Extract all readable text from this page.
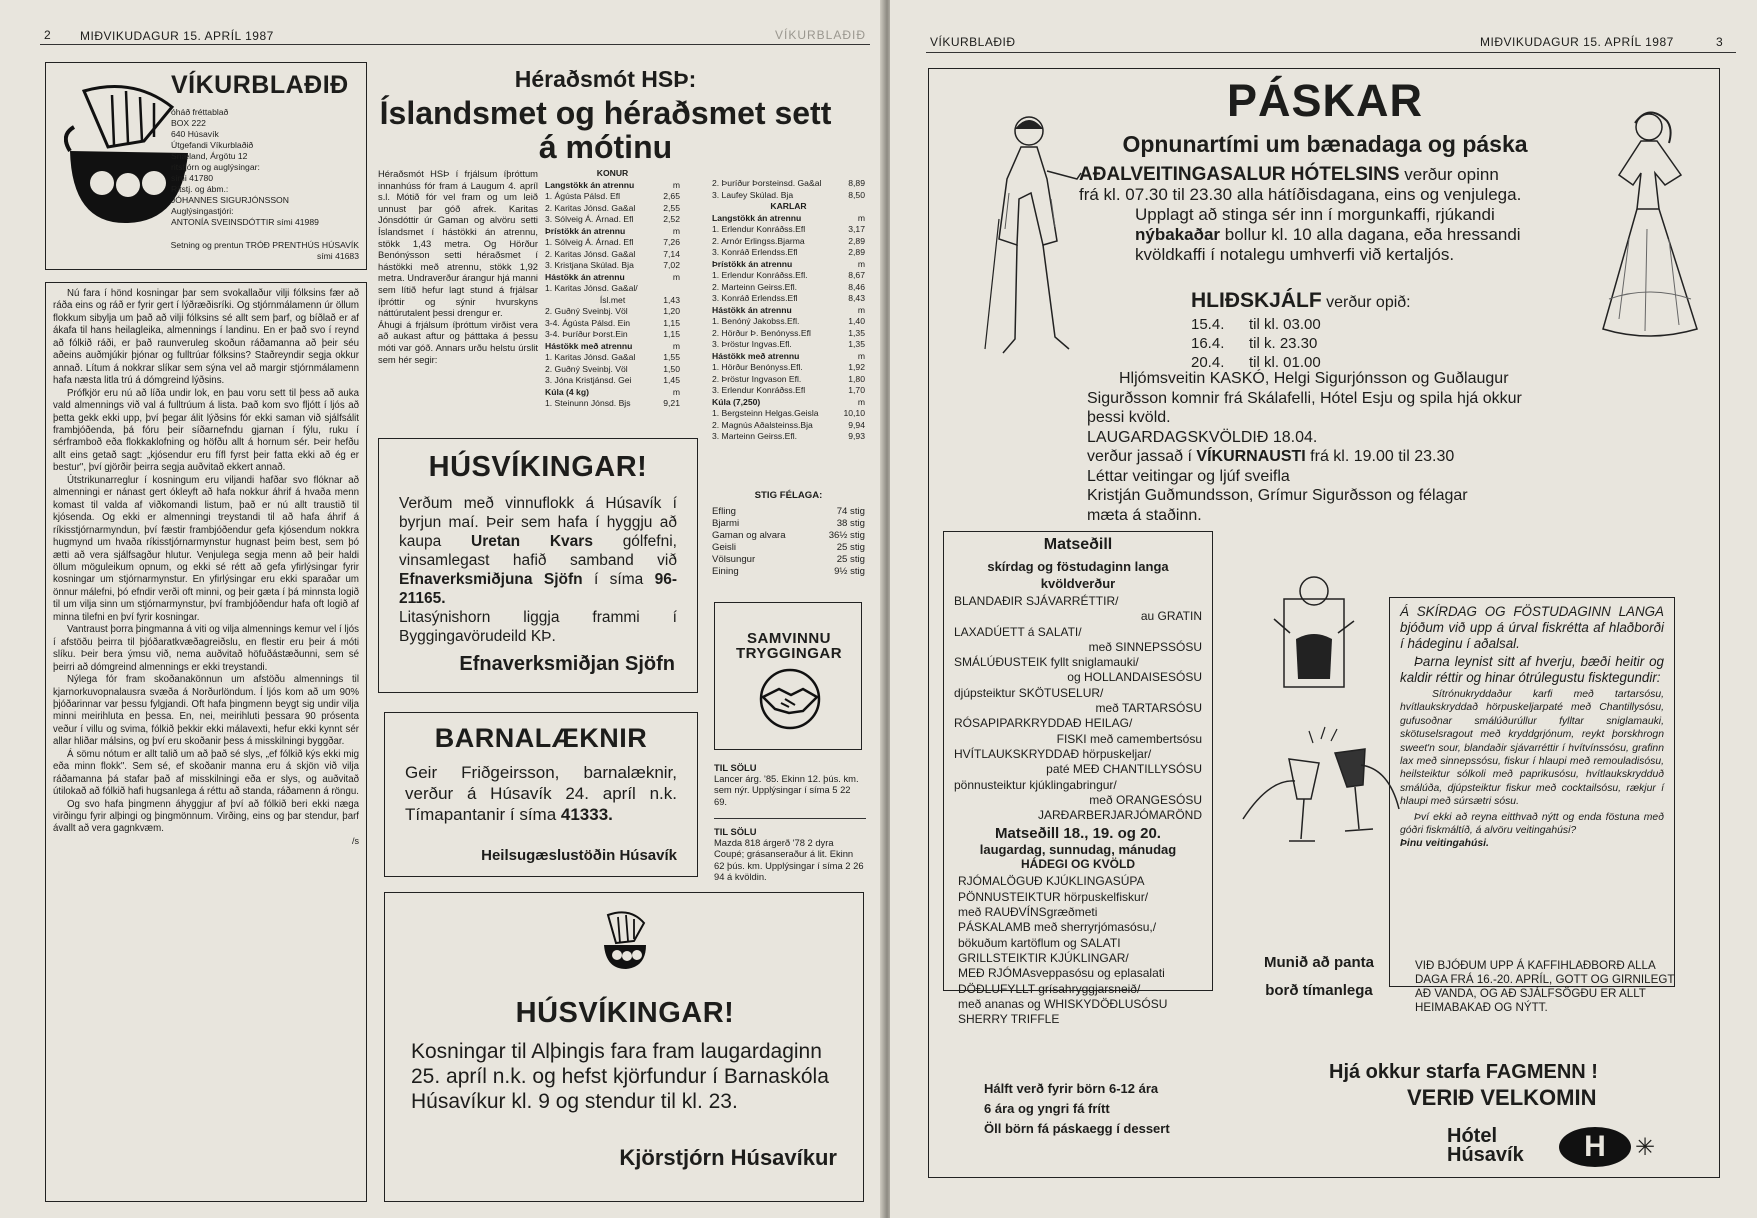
2 MIÐVIKUDAGUR 15. APRÍL 1987	VÍKURBLAÐIÐ
VÍKURBLAÐIÐ
óháð fréttablað
BOX 222
640 Húsavík
Útgefandi Víkurblaðið
Snæland, Árgötu 12
ritstjórn og auglýsingar:
sími 41780
Ritstj. og ábm.:
JÓHANNES SIGURJÓNSSON
Auglýsingastjóri:
ANTONÍA SVEINSDÓTTIR sími 41989
Setning og prentun TRÓÐ PRENTHÚS HÚSAVÍK
sími 41683
Nú fara í hönd kosningar þar sem svokallaður vilji fólksins fær að ráða eins og ráð er fyrir gert í lýðræðisríki. Og stjórnmálamenn úr öllum flokkum sibylja um það að vilji fólksins sé allt sem þarf, og bíðlað er af ákafa til hans heilagleika, almennings í landinu. En er það svo í reynd að fólkið ráði, er það raunveruleg skoðun ráðamanna að þeir séu aðeins auðmjúkir þjónar og fulltrúar fólksins? Staðreyndir segja okkur annað. Lítum á nokkrar slíkar sem sýna vel að margir stjórnmálamenn hafa næsta litla trú á dómgreind lýðsins.
Prófkjör eru nú að líða undir lok, en þau voru sett til þess að auka vald almennings við val á fulltrúum á lista. Það kom svo fljótt í ljós að þetta gekk ekki upp, því þegar álit lýðsins fór ekki saman við sjálfsálit frambjóðenda, þá fóru þeir síðarnefndu gjarnan í fýlu, ruku í sérframboð eða flokkaklofning og höfðu allt á hornum sér. Þeir hefðu allt eins getað sagt: „kjósendur eru fífl fyrst þeir fatta ekki að ég er bestur", því gjörðir þeirra segja auðvitað ekkert annað.
Útstrikunarreglur í kosningum eru viljandi hafðar svo flóknar að almenningi er nánast gert ókleyft að hafa nokkur áhrif á hvaða menn komast til valda af viðkomandi listum, það er nú allt traustið til kjósenda. Og ekki er almenningi treystandi til að hafa áhrif á ríkisstjórnarmyndun, því fæstir frambjóðendur gefa kjósendum nokkra hugmynd um hvaða ríkisstjórnarmynstur hugnast þeim best, sem þó ætti að vera sjálfsagður hlutur. Venjulega segja menn að þeir haldi öllum möguleikum opnum, og ekki sé rétt að gefa yfirlýsingar fyrir kosningar um stjórnarmynstur. En yfirlýsingar eru ekki sparaðar um önnur málefni, þó efndir verði oft minni, og þeir gæta í þá minnsta logið til um vilja sinn um stjórnarmynstur, því frambjóðendur hafa oft logið af minna tilefni en því fyrir kosningar.
Vantraust þorra þingmanna á viti og vilja almennings kemur vel í ljós í afstöðu þeirra til þjóðaratkvæðagreiðslu, en flestir eru þeir á móti slíku. Þeir bera ýmsu við, nema auðvitað höfuðástæðunni, sem sé þeirri að dómgreind almennings er ekki treystandi.
Nýlega fór fram skoðanakönnun um afstöðu almennings til kjarnorkuvopnalausra svæða á Norðurlöndum. Í ljós kom að um 90% þjóðarinnar var þessu fylgjandi. Oft hafa þingmenn beygt sig undir vilja minni meirihluta en þessa. En, nei, meirihluti þessara 90 prósenta veður í villu og svima, fólkið þekkir ekki málavexti, hefur ekki kynnt sér allar hliðar málsins, og því eru skoðanir þess á misskilningi byggðar.
Á sömu nótum er allt talið um að það sé slys, „ef fólkið kýs ekki mig eða minn flokk". Sem sé, ef skoðanir manna eru á skjön við vilja ráðamanna þá stafar það af misskilningi eða er slys, og auðvitað útilokað að fólkið hafi hugsanlega á réttu að standa, ráðamenn á röngu.
Og svo hafa þingmenn áhyggjur af því að fólkið beri ekki næga virðingu fyrir alþingi og þingmönnum. Virðing, eins og þar stendur, þarf ávallt að vera gagnkvæm.
/s
Héraðsmót HSÞ:
Íslandsmet og héraðsmet sett á mótinu
Héraðsmót HSÞ í frjálsum íþróttum innanhúss fór fram á Laugum 4. apríl s.l. Mótið fór vel fram og um leið unnust þar góð afrek. Karitas Jónsdóttir úr Gaman og alvöru setti Íslandsmet í hástökki án atrennu, stökk 1,43 metra. Og Hörður Benónýsson setti héraðsmet í hástökki með atrennu, stökk 1,92 metra. Undraverður árangur hjá manni sem lítið hefur lagt stund á frjálsar íþróttir og sýnir hvurskyns náttúrutalent þessi drengur er.
Áhugi á frjálsum íþróttum virðist vera að aukast aftur og þátttaka á þessu móti var góð. Annars urðu helstu úrslit sem hér segir:
KONUR
Langstökk án atrennu	m
1. Ágústa Pálsd. Efl	2,65
2. Karitas Jónsd. Ga&al	2,55
3. Sólveig Á. Árnad. Efl	2,52
Þrístökk án atrennu	m
1. Sólveig Á. Árnad. Efl	7,26
2. Karitas Jónsd. Ga&al	7,14
3. Kristjana Skúlad. Bja	7,02
Hástökk án atrennu	m
1. Karitas Jónsd. Ga&al/
Ísl.met	1,43
2. Guðný Sveinbj. Völ	1,20
3-4. Ágústa Pálsd. Ein	1,15
3-4. Þuríður Þorst.Ein	1,15
Hástökk með atrennu	m
1. Karitas Jónsd. Ga&al	1,55
2. Guðný Sveinbj. Völ	1,50
3. Jóna Kristjánsd. Gei	1,45
Kúla (4 kg)	m
1. Steinunn Jónsd. Bjs	9,21
2. Þuríður Þorsteinsd. Ga&al	8,89
3. Laufey Skúlad. Bja	8,50
KARLAR
Langstökk án atrennu	m
1. Erlendur Konráðss.Efl	3,17
2. Arnór Erlingss.Bjarma	2,89
3. Konráð Erlendss.Efl	2,89
Þrístökk án atrennu	m
1. Erlendur Konráðss.Efl.	8,67
2. Marteinn Geirss.Efl.	8,46
3. Konráð Erlendss.Efl	8,43
Hástökk án atrennu	m
1. Benóný Jakobss.Efl.	1,40
2. Hörður Þ. Benónyss.Efl	1,35
3. Þröstur Ingvas.Efl.	1,35
Hástökk með atrennu	m
1. Hörður Benónyss.Efl.	1,92
2. Þröstur Ingvason Efl.	1,80
3. Erlendur Konráðss.Efl	1,70
Kúla (7,250)	m
1. Bergsteinn Helgas.Geisla	10,10
2. Magnús Aðalsteinss.Bja	9,94
3. Marteinn Geirss.Efl.	9,93
STIG FÉLAGA:
Efling	74 stig
Bjarmi	38 stig
Gaman og alvara	36½ stig
Geisli	25 stig
Völsungur	25 stig
Eining	9½ stig
HÚSVÍKINGAR!
Verðum með vinnuflokk á Húsavík í byrjun maí. Þeir sem hafa í hyggju að kaupa Uretan Kvars gólfefni, vinsamlegast hafið samband við Efnaverksmiðjuna Sjöfn í síma 96-21165.
Litasýnishorn liggja frammi í Byggingavörudeild KÞ.
Efnaverksmiðjan Sjöfn
SAMVINNU
TRYGGINGAR
BARNALÆKNIR
Geir Friðgeirsson, barnalæknir, verður á Húsavík 24. apríl n.k. Tímapantanir í síma 41333.
Heilsugæslustöðin Húsavík
TIL SÖLU
Lancer árg. '85. Ekinn 12. þús. km. sem nýr. Upplýsingar í síma 5 22 69.
TIL SÖLU
Mazda 818 árgerð '78 2 dyra Coupé; grásanseraður á lit. Ekinn 62 þús. km. Upplýsingar í síma 2 26 94 á kvöldin.
HÚSVÍKINGAR!
Kosningar til Alþingis fara fram laugardaginn 25. apríl n.k. og hefst kjörfundur í Barnaskóla Húsavíkur kl. 9 og stendur til kl. 23.
Kjörstjórn Húsavíkur
VÍKURBLAÐIÐ	MIÐVIKUDAGUR 15. APRÍL 1987	3
PÁSKAR
Opnunartími um bænadaga og páska
AÐALVEITINGASALUR HÓTELSINS verður opinn
frá kl. 07.30 til 23.30 alla hátíðisdagana, eins og venjulega.
Upplagt að stinga sér inn í morgunkaffi, rjúkandi
nýbakaðar bollur kl. 10 alla dagana, eða hressandi
kvöldkaffi í notalegu umhverfi við kertaljós.
HLIÐSKJÁLF verður opið:
15.4. til kl. 03.00
16.4. til k. 23.30
20.4. til kl. 01.00
Hljómsveitin KASKÓ, Helgi Sigurjónsson og Guðlaugur Sigurðsson komnir frá Skálafelli, Hótel Esju og spila hjá okkur þessi kvöld.
LAUGARDAGSKVÖLDIÐ 18.04.
verður jassað í VÍKURNAUSTI frá kl. 19.00 til 23.30
Léttar veitingar og ljúf sveifla
Kristján Guðmundsson, Grímur Sigurðsson og félagar
mæta á staðinn.
Matseðill
skírdag og föstudaginn langa
kvöldverður
BLANDAÐIR SJÁVARRÉTTIR/
au GRATIN
LAXADÚETT á SALATI/
með SINNEPSSÓSU
SMÁLÚÐUSTEIK fyllt sniglamauki/
og HOLLANDAISESÓSU
djúpsteiktur SKÖTUSELUR/
með TARTARSÓSU
RÓSAPIPARKRYDDAÐ HEILAG/
FISKI með camembertsósu
HVÍTLAUKSKRYDDAÐ hörpuskeljar/
paté MEÐ CHANTILLYSÓSU
pönnusteiktur kjúklingabringur/
með ORANGESÓSU
JARÐARBERJARJÓMARÖND
Matseðill 18., 19. og 20.
laugardag, sunnudag, mánudag
HÁDEGI OG KVÖLD
RJÓMALÖGUÐ KJÚKLINGASÚPA
PÖNNUSTEIKTUR hörpuskelfiskur/
með RAUÐVÍNSgræðmeti
PÁSKALAMB með sherryrjómasósu,/
bökuðum kartöflum og SALATI
GRILLSTEIKTIR KJÚKLINGAR/
MEÐ RJÓMAsveppasósu og eplasalati
DÖÐLUFYLLT grísahryggjarsneið/
með ananas og WHISKYDÖÐLUSÓSU
SHERRY TRIFFLE
Á SKÍRDAG OG FÖSTUDAGINN LANGA bjóðum við upp á úrval fiskrétta af hlaðborði í hádeginu í aðalsal.
Þarna leynist sitt af hverju, bæði heitir og kaldir réttir og hinar ótrúlegustu fisktegundir:
Sítrónukryddaður karfi með tartarsósu, hvítlaukskryddað hörpuskeljarpaté með Chantillysósu, gufusoðnar smálúðurúllur fylltar sniglamauki, skötuselsragout með kryddgrjónum, reykt þorskhrogn sweet'n sour, blandaðir sjávarréttir í hvítvínssósu, grafinn lax með sinnepssósu, fiskur í hlaupi með remouladisósu, heilsteiktur sólkoli með paprikusósu, hvítlaukskrydduð smálúða, djúpsteiktur fiskur með cocktailsósu, rækjur í hlaupi með súrsætri sósu.
Því ekki að reyna eitthvað nýtt og enda föstuna með góðri fiskmáltíð, á alvöru veitingahúsi?
Þinu veitingahúsi.
Munið að panta
borð tímanlega
VIÐ BJÓÐUM UPP Á KAFFIHLAÐBORÐ ALLA DAGA FRÁ 16.-20. APRÍL, GOTT OG GIRNILEGT AÐ VANDA, OG AÐ SJÁLFSÖGÐU ER ALLT HEIMABAKAÐ OG NÝTT.
Hálft verð fyrir börn 6-12 ára
6 ára og yngri fá frítt
Öll börn fá páskaegg í dessert
Hjá okkur starfa FAGMENN !
VERIÐ VELKOMIN
Hótel
Húsavík	H	✳
